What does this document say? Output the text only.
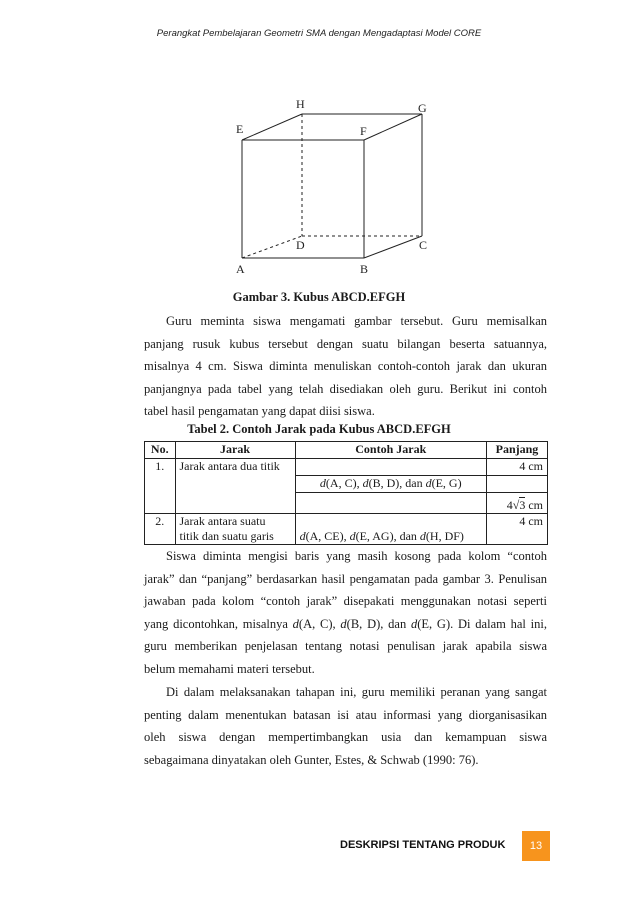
Perangkat Pembelajaran Geometri SMA dengan Mengadaptasi Model CORE
H	G
E	F
D	C
A	B
Gambar 3. Kubus ABCD.EFGH
Guru meminta siswa mengamati gambar tersebut. Guru memisalkan
panjang rusuk kubus tersebut dengan suatu bilangan beserta satuannya,
misalnya 4 cm. Siswa diminta menuliskan contoh-contoh jarak dan ukuran
panjangnya pada tabel yang telah disediakan oleh guru. Berikut ini contoh
tabel hasil pengamatan yang dapat diisi siswa.
Tabel 2. Contoh Jarak pada Kubus ABCD.EFGH
No.	Jarak	Contoh Jarak	Panjang
1.	Jarak antara dua titik		4 cm
		d(A, C), d(B, D), dan d(E, G)	
			4√3 cm
2.	Jarak antara suatu
titik dan suatu garis	d(A, CE), d(E, AG), dan d(H, DF)	4 cm
Siswa diminta mengisi baris yang masih kosong pada kolom “contoh
jarak” dan “panjang” berdasarkan hasil pengamatan pada gambar 3. Penulisan
jawaban pada kolom “contoh jarak” disepakati menggunakan notasi seperti
yang dicontohkan, misalnya d(A, C), d(B, D), dan d(E, G). Di dalam hal ini,
guru memberikan penjelasan tentang notasi penulisan jarak apabila siswa
belum memahami materi tersebut.
Di dalam melaksanakan tahapan ini, guru memiliki peranan yang sangat
penting dalam menentukan batasan isi atau informasi yang diorganisasikan
oleh siswa dengan mempertimbangkan usia dan kemampuan siswa
sebagaimana dinyatakan oleh Gunter, Estes, & Schwab (1990: 76).
DESKRIPSI TENTANG PRODUK	13
